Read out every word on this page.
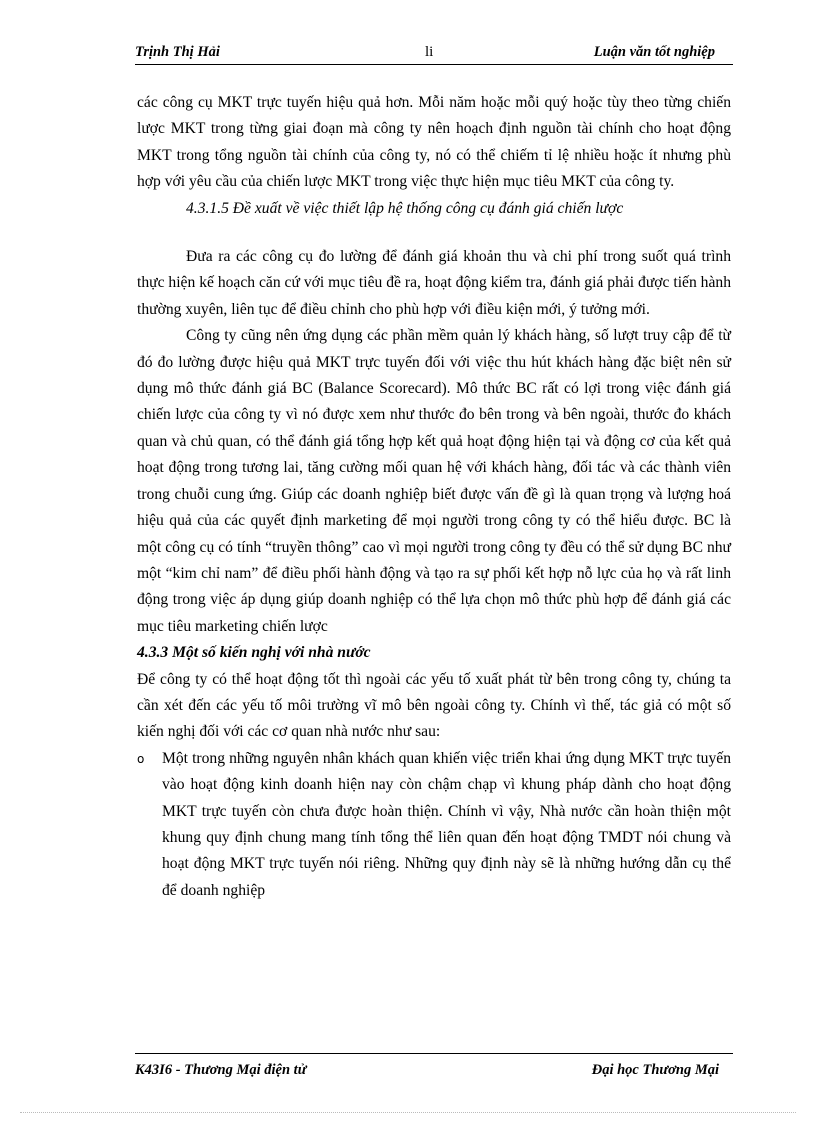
Trịnh Thị Hải	li	Luận văn tốt nghiệp

các công cụ MKT trực tuyến hiệu quả hơn. Mỗi năm hoặc mỗi quý hoặc tùy theo từng chiến lược MKT trong từng giai đoạn mà công ty nên hoạch định nguồn tài chính cho hoạt động MKT trong tổng nguồn tài chính của công ty, nó có thể chiếm tỉ lệ nhiều hoặc ít nhưng phù hợp với yêu cầu của chiến lược MKT trong việc thực hiện mục tiêu MKT của công ty.

4.3.1.5 Đề xuất về việc thiết lập hệ thống công cụ đánh giá chiến lược

Đưa ra các công cụ đo lường để đánh giá khoản thu và chi phí trong suốt quá trình thực hiện kế hoạch căn cứ với mục tiêu đề ra, hoạt động kiểm tra, đánh giá phải được tiến hành thường xuyên, liên tục để điều chỉnh cho phù hợp với điều kiện mới, ý tưởng mới.

Công ty cũng nên ứng dụng các phần mềm quản lý khách hàng, số lượt truy cập để từ đó đo lường được hiệu quả MKT trực tuyến đối với việc thu hút khách hàng đặc biệt nên sử dụng mô thức đánh giá BC (Balance Scorecard). Mô thức BC rất có lợi trong việc đánh giá chiến lược của công ty vì nó được xem như thước đo bên trong và bên ngoài, thước đo khách quan và chủ quan, có thể đánh giá tổng hợp kết quả hoạt động hiện tại và động cơ của kết quả hoạt động trong tương lai, tăng cường mối quan hệ với khách hàng, đối tác và các thành viên trong chuỗi cung ứng. Giúp các doanh nghiệp biết được vấn đề gì là quan trọng và lượng hoá hiệu quả của các quyết định marketing để mọi người trong công ty có thể hiểu được. BC là một công cụ có tính “truyền thông” cao vì mọi người trong công ty đều có thể sử dụng BC như một “kim chỉ nam” để điều phối hành động và tạo ra sự phối kết hợp nỗ lực của họ và rất linh động trong việc áp dụng giúp doanh nghiệp có thể lựa chọn mô thức phù hợp để đánh giá các mục tiêu marketing chiến lược

4.3.3 Một số kiến nghị với nhà nước

Để công ty có thể hoạt động tốt thì ngoài các yếu tố xuất phát từ bên trong công ty, chúng ta cần xét đến các yếu tố môi trường vĩ mô bên ngoài công ty. Chính vì thế, tác giả có một số kiến nghị đối với các cơ quan nhà nước như sau:

o Một trong những nguyên nhân khách quan khiến việc triển khai ứng dụng MKT trực tuyến vào hoạt động kinh doanh hiện nay còn chậm chạp vì khung pháp dành cho hoạt động MKT trực tuyến còn chưa được hoàn thiện. Chính vì vậy, Nhà nước cần hoàn thiện một khung quy định chung mang tính tổng thể liên quan đến hoạt động TMDT nói chung và hoạt động MKT trực tuyến nói riêng. Những quy định này sẽ là những hướng dẫn cụ thể để doanh nghiệp

K43I6 - Thương Mại điện tử	Đại học Thương Mại
